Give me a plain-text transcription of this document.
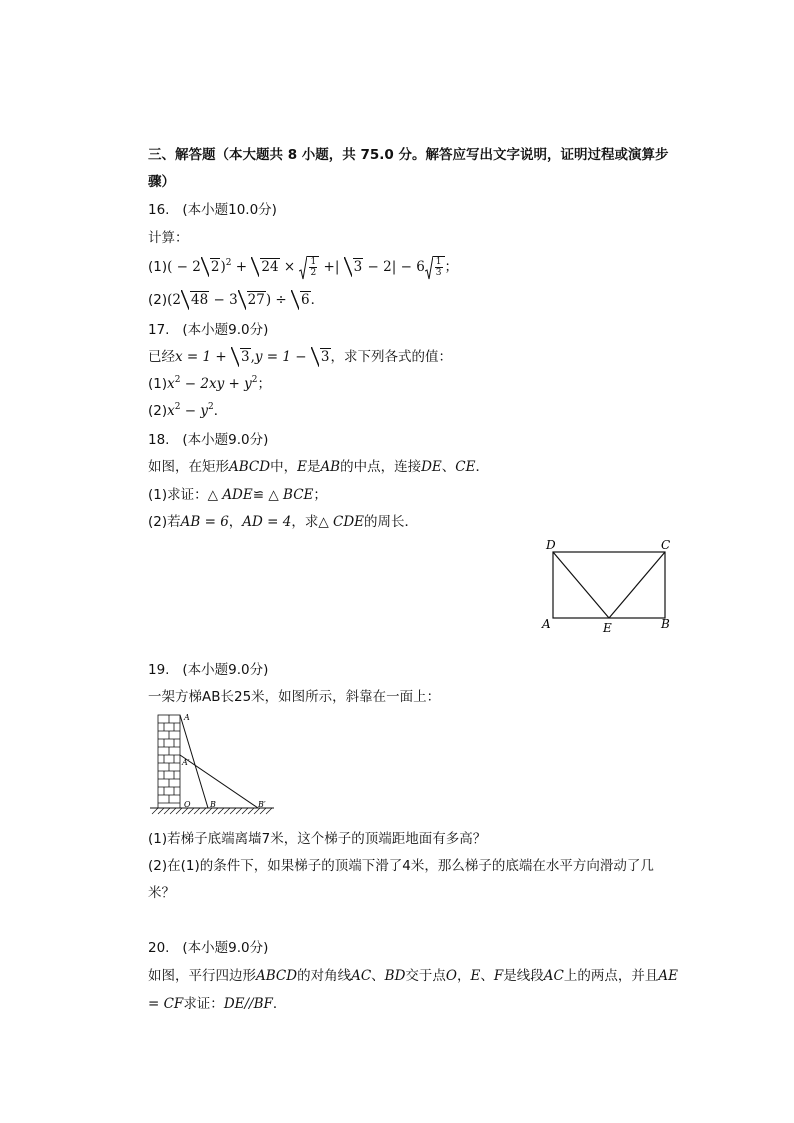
三、解答题（本大题共 8 小题，共 75.0 分。解答应写出文字说明，证明过程或演算步
骤）
16. (本小题10.0分)
计算：
(1)( − 2 $2)^2 + 24 \times \frac{1}{2}$ +| $3 - 2| - 6 \frac{1}{3}$ ；
(2)(2 48 − 3 27) ÷ 6．
17. (本小题9.0分)
已经x = 1 + 3,y = 1 − 3，求下列各式的值：
$(1)x^2 - 2xy + y^2$；
$(2)x^2 - y^2$．
18. (本小题9.0分)
如图，在矩形ABCD中，E是AB的中点，连接DE、CE．
(1)求证：△ ADE≌ △ BCE；
(2)若AB = 6，AD = 4，求△ CDE的周长．
D	C
A	E	B
19. (本小题9.0分)
一架方梯AB长25米，如图所示，斜靠在一面上：
A
A′
O B	B′
(1)若梯子底端离墙7米，这个梯子的顶端距地面有多高？
(2)在(1)的条件下，如果梯子的顶端下滑了4米，那么梯子的底端在水平方向滑动了几
米？
20. (本小题9.0分)
如图，平行四边形ABCD的对角线AC、BD交于点O，E、F是线段AC上的两点，并且AE
= CF求证：DE//BF．
